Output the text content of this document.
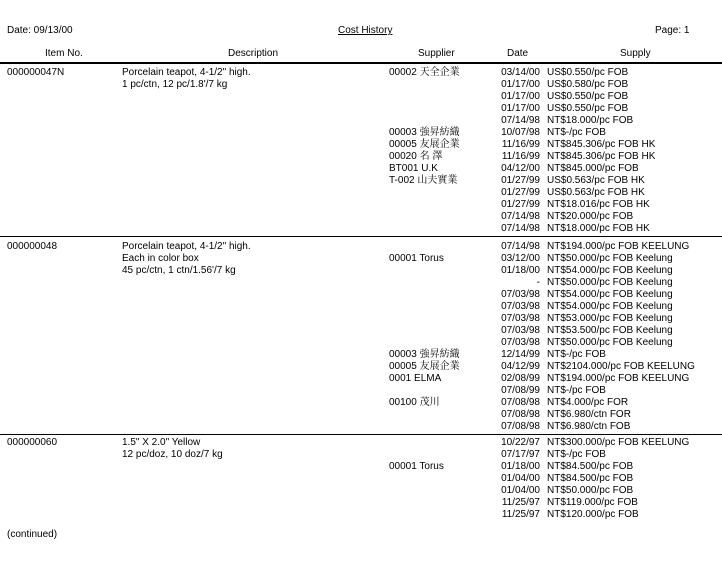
Date: 09/13/00	Cost History	Page: 1
Item No.	Description	Supplier	Date	Supply
000000047N	Porcelain teapot, 4-1/2" high.
1 pc/ctn, 12 pc/1.8'/7 kg
00002 天全企業	03/14/00 US$0.550/pc FOB
01/17/00 US$0.580/pc FOB
01/17/00 US$0.550/pc FOB
01/17/00 US$0.550/pc FOB
07/14/98 NT$18.000/pc FOB
00003 強昇紡織	10/07/98 NT$-/pc FOB
00005 友展企業	11/16/99 NT$845.306/pc FOB HK
00020 名 澤	11/16/99 NT$845.306/pc FOB HK
BT001 U.K	04/12/00 NT$845.000/pc FOB
T-002 山夫實業	01/27/99 US$0.563/pc FOB HK
01/27/99 US$0.563/pc FOB HK
01/27/99 NT$18.016/pc FOB HK
07/14/98 NT$20.000/pc FOB
07/14/98 NT$18.000/pc FOB HK
000000048	Porcelain teapot, 4-1/2" high.
Each in color box
45 pc/ctn, 1 ctn/1.56'/7 kg
07/14/98 NT$194.000/pc FOB KEELUNG
00001 Torus	03/12/00 NT$50.000/pc FOB Keelung
01/18/00 NT$54.000/pc FOB Keelung
- NT$50.000/pc FOB Keelung
07/03/98 NT$54.000/pc FOB Keelung
07/03/98 NT$54.000/pc FOB Keelung
07/03/98 NT$53.000/pc FOB Keelung
07/03/98 NT$53.500/pc FOB Keelung
07/03/98 NT$50.000/pc FOB Keelung
00003 強昇紡織	12/14/99 NT$-/pc FOB
00005 友展企業	04/12/99 NT$2104.000/pc FOB KEELUNG
0001 ELMA	02/08/99 NT$194.000/pc FOB KEELUNG
07/08/99 NT$-/pc FOB
00100 茂川	07/08/98 NT$4.000/pc FOR
07/08/98 NT$6.980/ctn FOR
07/08/98 NT$6.980/ctn FOB
000000060	1.5" X 2.0" Yellow
12 pc/doz, 10 doz/7 kg
10/22/97 NT$300.000/pc FOB KEELUNG
07/17/97 NT$-/pc FOB
00001 Torus	01/18/00 NT$84.500/pc FOB
01/04/00 NT$84.500/pc FOB
01/04/00 NT$50.000/pc FOB
11/25/97 NT$119.000/pc FOB
11/25/97 NT$120.000/pc FOB
(continued)
